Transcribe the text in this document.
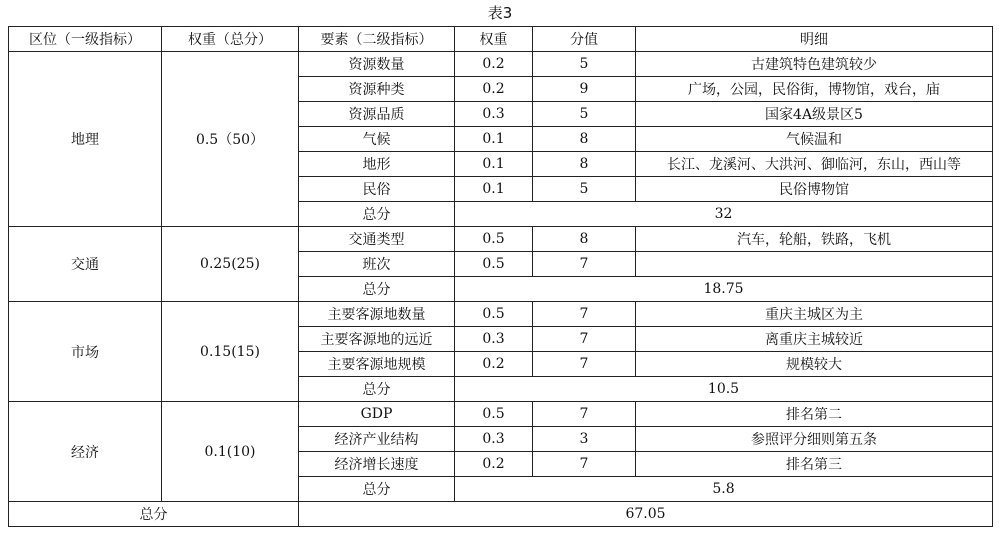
表3
区位（一级指标）	权重（总分）	要素（二级指标）	权重	分值	明细
地理	0.5（50）	资源数量	0.2	5	古建筑特色建筑较少
		资源种类	0.2	9	广场，公园，民俗街，博物馆，戏台，庙
		资源品质	0.3	5	国家4A级景区5
		气候	0.1	8	气候温和
		地形	0.1	8	长江、龙溪河、大洪河、御临河，东山，西山等
		民俗	0.1	5	民俗博物馆
		总分	32		
交通	0.25(25)	交通类型	0.5	8	汽车，轮船，铁路，飞机
		班次	0.5	7	
		总分	18.75		
市场	0.15(15)	主要客源地数量	0.5	7	重庆主城区为主
		主要客源地的远近	0.3	7	离重庆主城较近
		主要客源地规模	0.2	7	规模较大
		总分	10.5		
经济	0.1(10)	GDP	0.5	7	排名第二
		经济产业结构	0.3	3	参照评分细则第五条
		经济增长速度	0.2	7	排名第三
		总分	5.8		
总分		67.05			
